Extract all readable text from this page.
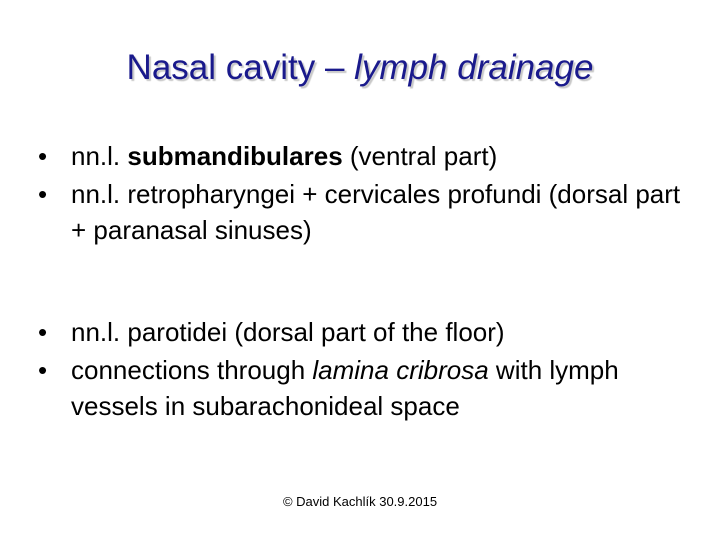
Nasal cavity – lymph drainage
• nn.l. submandibulares (ventral part)
• nn.l. retropharyngei + cervicales profundi (dorsal part + paranasal sinuses)
• nn.l. parotidei (dorsal part of the floor)
• connections through lamina cribrosa with lymph vessels in subarachonideal space
© David Kachlík 30.9.2015
